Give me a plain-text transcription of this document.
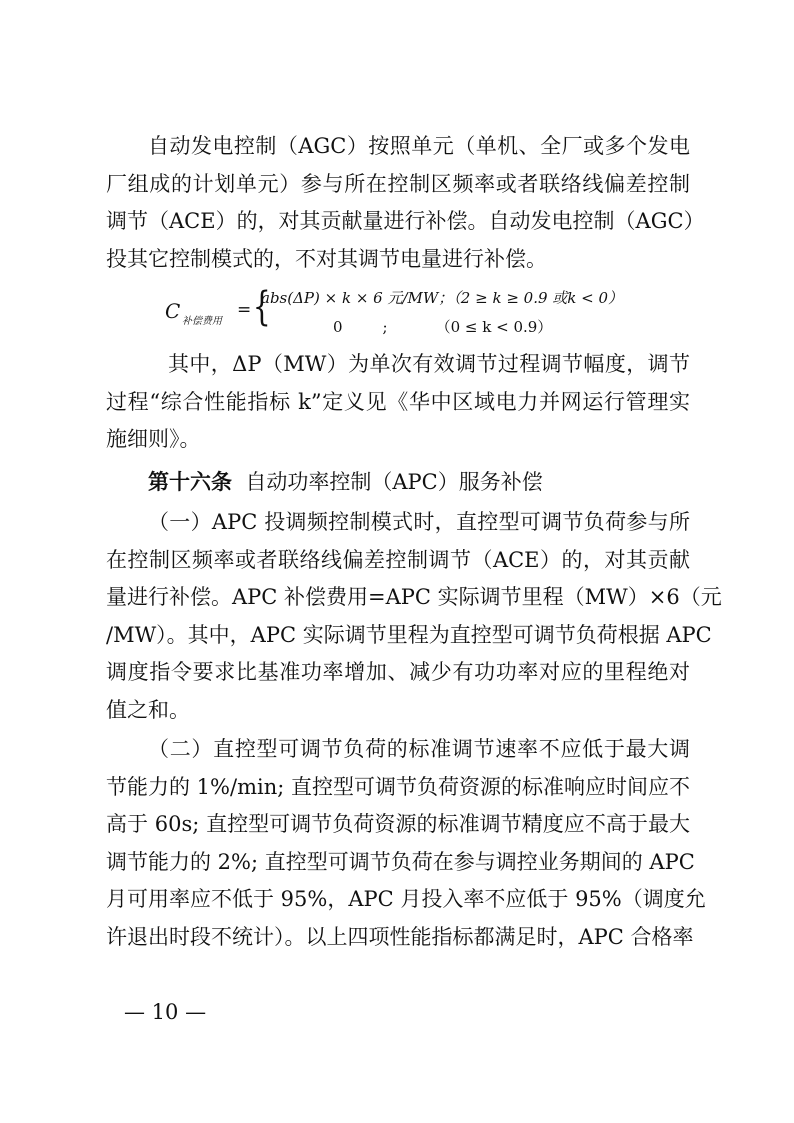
自动发电控制（AGC）按照单元（单机、全厂或多个发电
厂组成的计划单元）参与所在控制区频率或者联络线偏差控制
调节（ACE）的，对其贡献量进行补偿。自动发电控制（AGC）
投其它控制模式的，不对其调节电量进行补偿。
C 补偿费用
= {
abs(ΔP) × k × 6 元/MW；（2 ≥ k ≥ 0.9 或k < 0）
0	;	（0 ≤ k < 0.9）
其中，ΔP（MW）为单次有效调节过程调节幅度，调节
过程“综合性能指标 k”定义见《华中区域电力并网运行管理实
施细则》。
第十六条 自动功率控制（APC）服务补偿
（一）APC 投调频控制模式时，直控型可调节负荷参与所
在控制区频率或者联络线偏差控制调节（ACE）的，对其贡献
量进行补偿。APC 补偿费用=APC 实际调节里程（MW）×6（元
/MW）。其中，APC 实际调节里程为直控型可调节负荷根据 APC
调度指令要求比基准功率增加、减少有功功率对应的里程绝对
值之和。
（二）直控型可调节负荷的标准调节速率不应低于最大调
节能力的 1%/min; 直控型可调节负荷资源的标准响应时间应不
高于 60s; 直控型可调节负荷资源的标准调节精度应不高于最大
调节能力的 2%; 直控型可调节负荷在参与调控业务期间的 APC
月可用率应不低于 95%，APC 月投入率不应低于 95%（调度允
许退出时段不统计）。以上四项性能指标都满足时，APC 合格率
— 10 —
